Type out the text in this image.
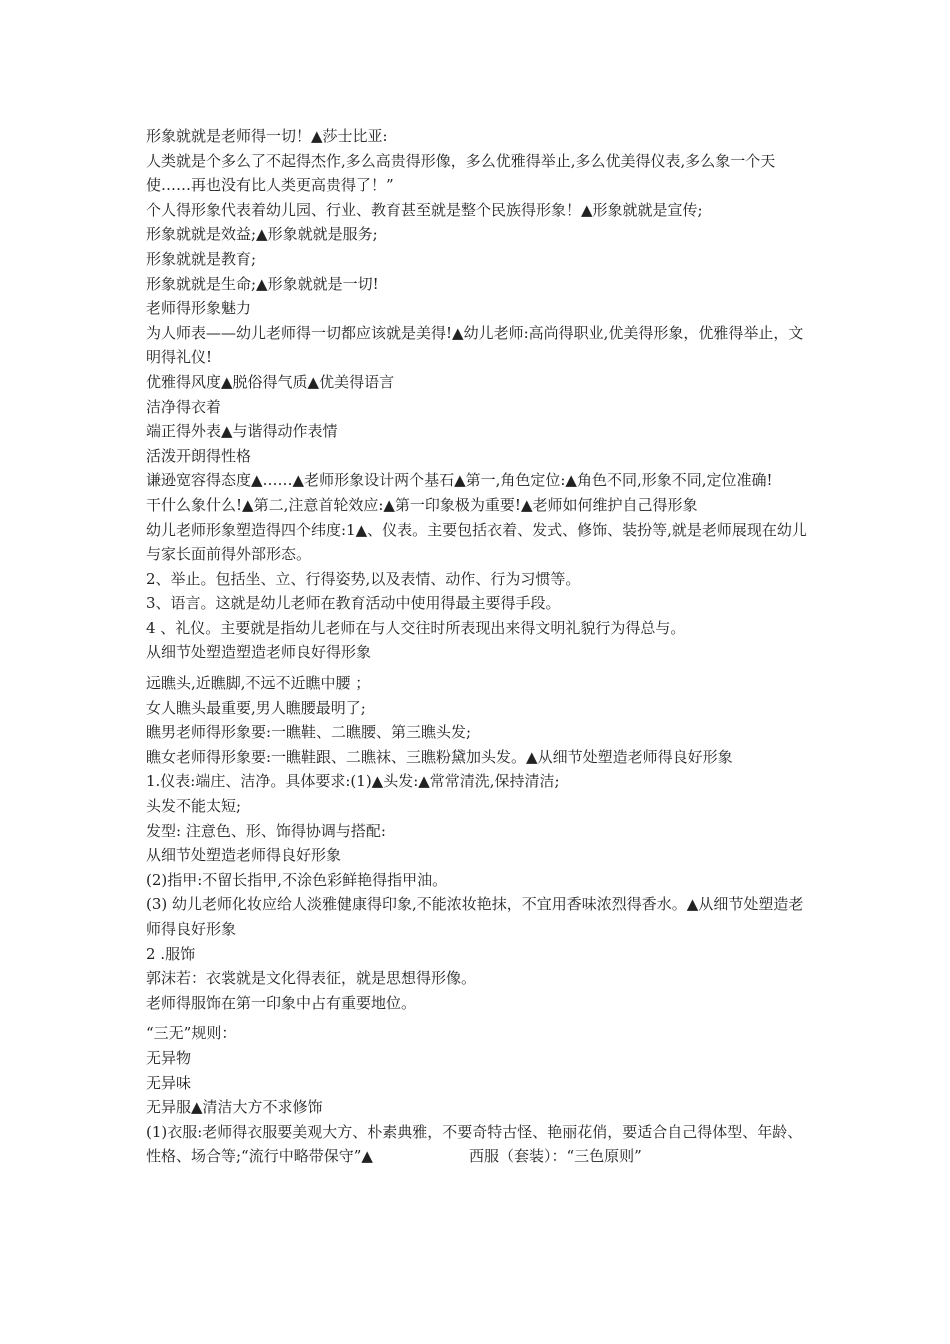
形象就就是老师得一切！▲莎士比亚:
人类就是个多么了不起得杰作,多么高贵得形像，多么优雅得举止,多么优美得仪表,多么象一个天使……再也没有比人类更高贵得了！”
个人得形象代表着幼儿园、行业、教育甚至就是整个民族得形象！▲形象就就是宣传;
形象就就是效益;▲形象就就是服务;
形象就就是教育;
形象就就是生命;▲形象就就是一切!
老师得形象魅力
为人师表——幼儿老师得一切都应该就是美得!▲幼儿老师:高尚得职业,优美得形象，优雅得举止，文明得礼仪!
优雅得风度▲脱俗得气质▲优美得语言
洁净得衣着
端正得外表▲与谐得动作表情
活泼开朗得性格
谦逊宽容得态度▲……▲老师形象设计两个基石▲第一,角色定位:▲角色不同,形象不同,定位准确!
干什么象什么!▲第二,注意首轮效应:▲第一印象极为重要!▲老师如何维护自己得形象
幼儿老师形象塑造得四个纬度:1▲、仪表。主要包括衣着、发式、修饰、装扮等,就是老师展现在幼儿与家长面前得外部形态。
2、举止。包括坐、立、行得姿势,以及表情、动作、行为习惯等。
3、语言。这就是幼儿老师在教育活动中使用得最主要得手段。
4 、礼仪。主要就是指幼儿老师在与人交往时所表现出来得文明礼貌行为得总与。
从细节处塑造塑造老师良好得形象
远瞧头,近瞧脚,不远不近瞧中腰 ；
女人瞧头最重要,男人瞧腰最明了;
瞧男老师得形象要:一瞧鞋、二瞧腰、第三瞧头发;
瞧女老师得形象要:一瞧鞋跟、二瞧袜、三瞧粉黛加头发。▲从细节处塑造老师得良好形象
1.仪表:端庄、洁净。具体要求:(1)▲头发:▲常常清洗,保持清洁;
头发不能太短;
发型: 注意色、形、饰得协调与搭配:
从细节处塑造老师得良好形象
(2)指甲:不留长指甲,不涂色彩鲜艳得指甲油。
(3) 幼儿老师化妆应给人淡雅健康得印象,不能浓妆艳抹，不宜用香味浓烈得香水。▲从细节处塑造老师得良好形象
2 .服饰
郭沫若：衣裳就是文化得表征，就是思想得形像。
老师得服饰在第一印象中占有重要地位。
“三无”规则：
无异物
无异味
无异服▲清洁大方不求修饰
(1)衣服:老师得衣服要美观大方、朴素典雅，不要奇特古怪、艳丽花俏，要适合自己得体型、年龄、性格、场合等;“流行中略带保守”▲	西服（套装）：“三色原则”
